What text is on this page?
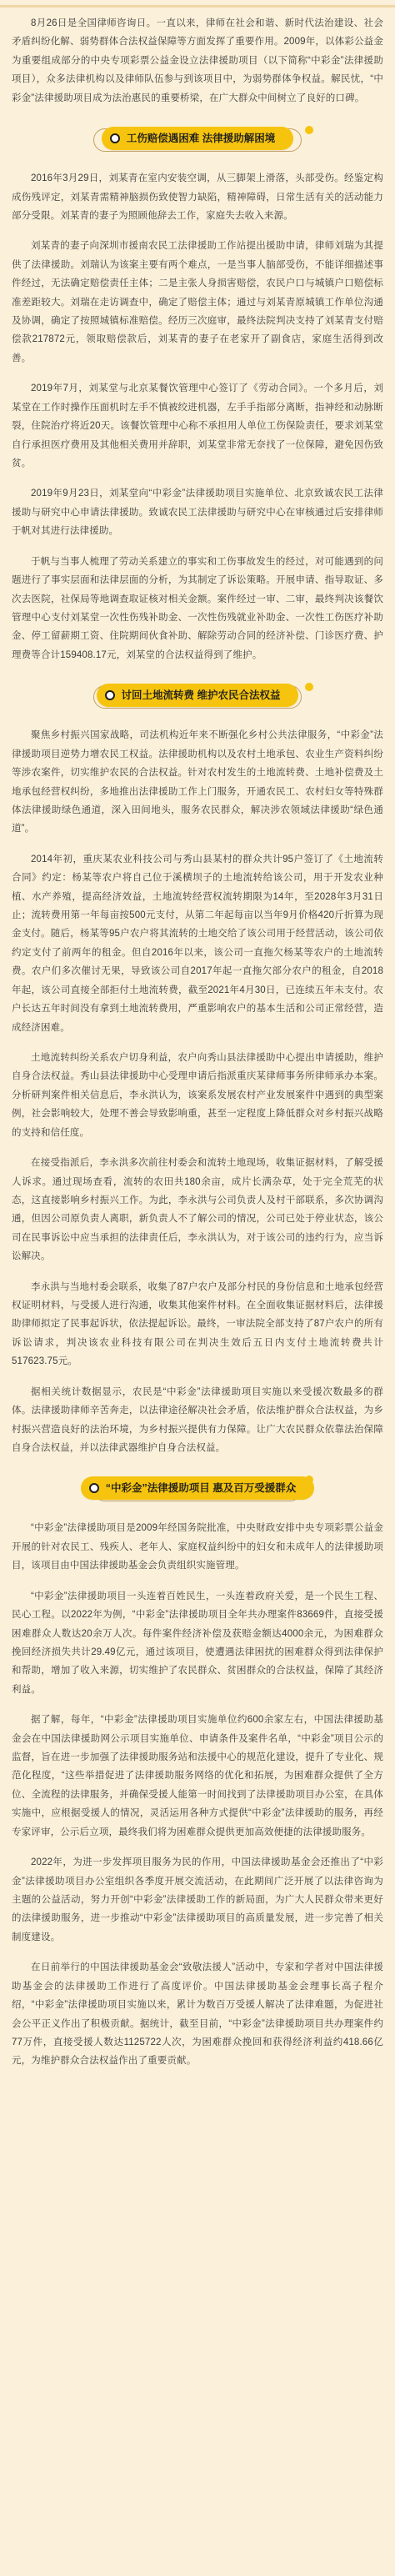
8月26日是全国律师咨询日。一直以来，律师在社会和谐、新时代法治建设、社会矛盾纠纷化解、弱势群体合法权益保障等方面发挥了重要作用。2009年，以体彩公益金为重要组成部分的中央专项彩票公益金设立法律援助项目（以下简称“中彩金”法律援助项目），众多法律机构以及律师队伍参与到该项目中，为弱势群体争权益。解民忧，“中彩金”法律援助项目成为法治惠民的重要桥梁，在广大群众中间树立了良好的口碑。

工伤赔偿遇困难 法律援助解困境

2016年3月29日，刘某青在室内安装空调，从三脚架上滑落，头部受伤。经鉴定构成伤残评定，刘某青需精神脑损伤致使智力缺陷，精神障碍，日常生活有关的活动能力部分受限。刘某青的妻子为照顾他辞去工作，家庭失去收入来源。

刘某青的妻子向深圳市援南农民工法律援助工作站提出援助申请，律师刘瑞为其提供了法律援助。刘瑞认为该案主要有两个难点，一是当事人脑部受伤，不能详细描述事件经过，无法确定赔偿责任主体；二是主张人身损害赔偿，农民户口与城镇户口赔偿标准差距较大。刘瑞在走访调查中，确定了赔偿主体；通过与刘某青原城镇工作单位沟通及协调，确定了按照城镇标准赔偿。经历三次庭审，最终法院判决支持了刘某青支付赔偿款217872元，领取赔偿款后，刘某青的妻子在老家开了副食店，家庭生活得到改善。

2019年7月，刘某堂与北京某餐饮管理中心签订了《劳动合同》。一个多月后，刘某堂在工作时操作压面机时左手不慎被绞进机器，左手手指部分离断，指神经和动脉断裂，住院治疗将近20天。该餐饮管理中心称不承担用人单位工伤保险责任，要求刘某堂自行承担医疗费用及其他相关费用并辞职，刘某堂非常无奈找了一位保障，避免因伤致贫。

2019年9月23日，刘某堂向“中彩金”法律援助项目实施单位、北京致诚农民工法律援助与研究中心申请法律援助。致诚农民工法律援助与研究中心在审核通过后安排律师于帆对其进行法律援助。

于帆与当事人梳理了劳动关系建立的事实和工伤事故发生的经过，对可能遇到的问题进行了事实层面和法律层面的分析，为其制定了诉讼策略。开展申请、指导取证、多次去医院，社保局等地调查取证核对相关金额。案件经过一审、二审，最终判决该餐饮管理中心支付刘某堂一次性伤残补助金、一次性伤残就业补助金、一次性工伤医疗补助金、停工留薪期工资、住院期间伙食补助、解除劳动合同的经济补偿、门诊医疗费、护理费等合计159408.17元，刘某堂的合法权益得到了维护。

讨回土地流转费 维护农民合法权益

聚焦乡村振兴国家战略，司法机构近年来不断强化乡村公共法律服务，“中彩金”法律援助项目逆势力增农民工权益。法律援助机构以及农村土地承包、农业生产资料纠纷等涉农案件，切实维护农民的合法权益。针对农村发生的土地流转费、土地补偿费及土地承包经营权纠纷，多地推出法律援助工作上门服务，开通农民工、农村妇女等特殊群体法律援助绿色通道，深入田间地头，服务农民群众，解决涉农领域法律援助“绿色通道”。

2014年初，重庆某农业科技公司与秀山县某村的群众共计95户签订了《土地流转合同》约定：杨某等农户将自己位于溪横坝子的土地流转给该公司，用于开发农业种植、水产养殖，提高经济效益，土地流转经营权流转期限为14年，至2028年3月31日止；流转费用第一年每亩按500元支付，从第二年起每亩以当年9月价格420斤折算为现金支付。随后，杨某等95户农户将其流转的土地交给了该公司用于经营活动，该公司依约定支付了前两年的租金。但自2016年以来，该公司一直拖欠杨某等农户的土地流转费。农户们多次催讨无果，导致该公司自2017年起一直拖欠部分农户的租金，自2018年起，该公司直接全部拒付土地流转费，截至2021年4月30日，已连续五年未支付。农户长达五年时间没有拿到土地流转费用，严重影响农户的基本生活和公司正常经营，造成经济困难。

土地流转纠纷关系农户切身利益，农户向秀山县法律援助中心提出申请援助，维护自身合法权益。秀山县法律援助中心受理申请后指派重庆某律师事务所律师承办本案。分析研判案件相关信息后，李永洪认为，该案系发展农村产业发展案件中遇到的典型案例，社会影响较大，处理不善会导致影响重，甚至一定程度上降低群众对乡村振兴战略的支持和信任度。

在接受指派后，李永洪多次前往村委会和流转土地现场，收集证据材料，了解受援人诉求。通过现场查看，流转的农田共180余亩，成片长满杂草，处于完全荒芜的状态，这直接影响乡村振兴工作。为此，李永洪与公司负责人及村干部联系，多次协调沟通，但因公司原负责人离职，新负责人不了解公司的情况，公司已处于停业状态，该公司在民事诉讼中应当承担的法律责任后，李永洪认为，对于该公司的违约行为，应当诉讼解决。

李永洪与当地村委会联系，收集了87户农户及部分村民的身份信息和土地承包经营权证明材料，与受援人进行沟通，收集其他案件材料。在全面收集证据材料后，法律援助律师拟定了民事起诉状，依法提起诉讼。最终，一审法院全部支持了87户农户的所有诉讼请求，判决该农业科技有限公司在判决生效后五日内支付土地流转费共计517623.75元。

据相关统计数据显示，农民是“中彩金”法律援助项目实施以来受援次数最多的群体。法律援助律师辛苦奔走，以法律途径解决社会矛盾，依法维护群众合法权益，为乡村振兴营造良好的法治环境，为乡村振兴提供有力保障。让广大农民群众依靠法治保障自身合法权益，并以法律武器维护自身合法权益。

“中彩金”法律援助项目 惠及百万受援群众

“中彩金”法律援助项目是2009年经国务院批准，中央财政安排中央专项彩票公益金开展的针对农民工、残疾人、老年人、家庭权益纠纷中的妇女和未成年人的法律援助项目，该项目由中国法律援助基金会负责组织实施管理。

“中彩金”法律援助项目一头连着百姓民生，一头连着政府关爱，是一个民生工程、民心工程。以2022年为例，“中彩金”法律援助项目全年共办理案件83669件，直接受援困难群众人数达20余万人次。每件案件经济补偿及获赔金额达4000余元，为困难群众挽回经济损失共计29.49亿元，通过该项目，使遭遇法律困扰的困难群众得到法律保护和帮助，增加了收入来源，切实维护了农民群众、贫困群众的合法权益，保障了其经济利益。

据了解，每年，“中彩金”法律援助项目实施单位约600余家左右，中国法律援助基金会在中国法律援助网公示项目实施单位、申请条件及案件名单，“中彩金”项目公示的监督，旨在进一步加强了法律援助服务站和法援中心的规范化建设，提升了专业化、规范化程度，“这些举措促进了法律援助服务网络的优化和拓展，为困难群众提供了全方位、全流程的法律服务，并确保受援人能第一时间找到了法律援助项目办公室，在具体实施中，应根据受援人的情况，灵活运用各种方式提供“中彩金”法律援助的服务，再经专家评审，公示后立项，最终我们将为困难群众提供更加高效便捷的法律援助服务。

2022年，为进一步发挥项目服务为民的作用，中国法律援助基金会还推出了“中彩金”法律援助项目办公室组织各季度开展交流活动，在此期间广泛开展了以法律咨询为主题的公益活动，努力开创“中彩金”法律援助工作的新局面，为广大人民群众带来更好的法律援助服务，进一步推动“中彩金”法律援助项目的高质量发展，进一步完善了相关制度建设。

在日前举行的中国法律援助基金会“致敬法援人”活动中，专家和学者对中国法律援助基金会的法律援助工作进行了高度评价。中国法律援助基金会理事长高子程介绍，“中彩金”法律援助项目实施以来，累计为数百万受援人解决了法律难题，为促进社会公平正义作出了积极贡献。据统计，截至目前，“中彩金”法律援助项目共办理案件约77万件，直接受援人数达1125722人次，为困难群众挽回和获得经济利益约418.66亿元，为维护群众合法权益作出了重要贡献。
